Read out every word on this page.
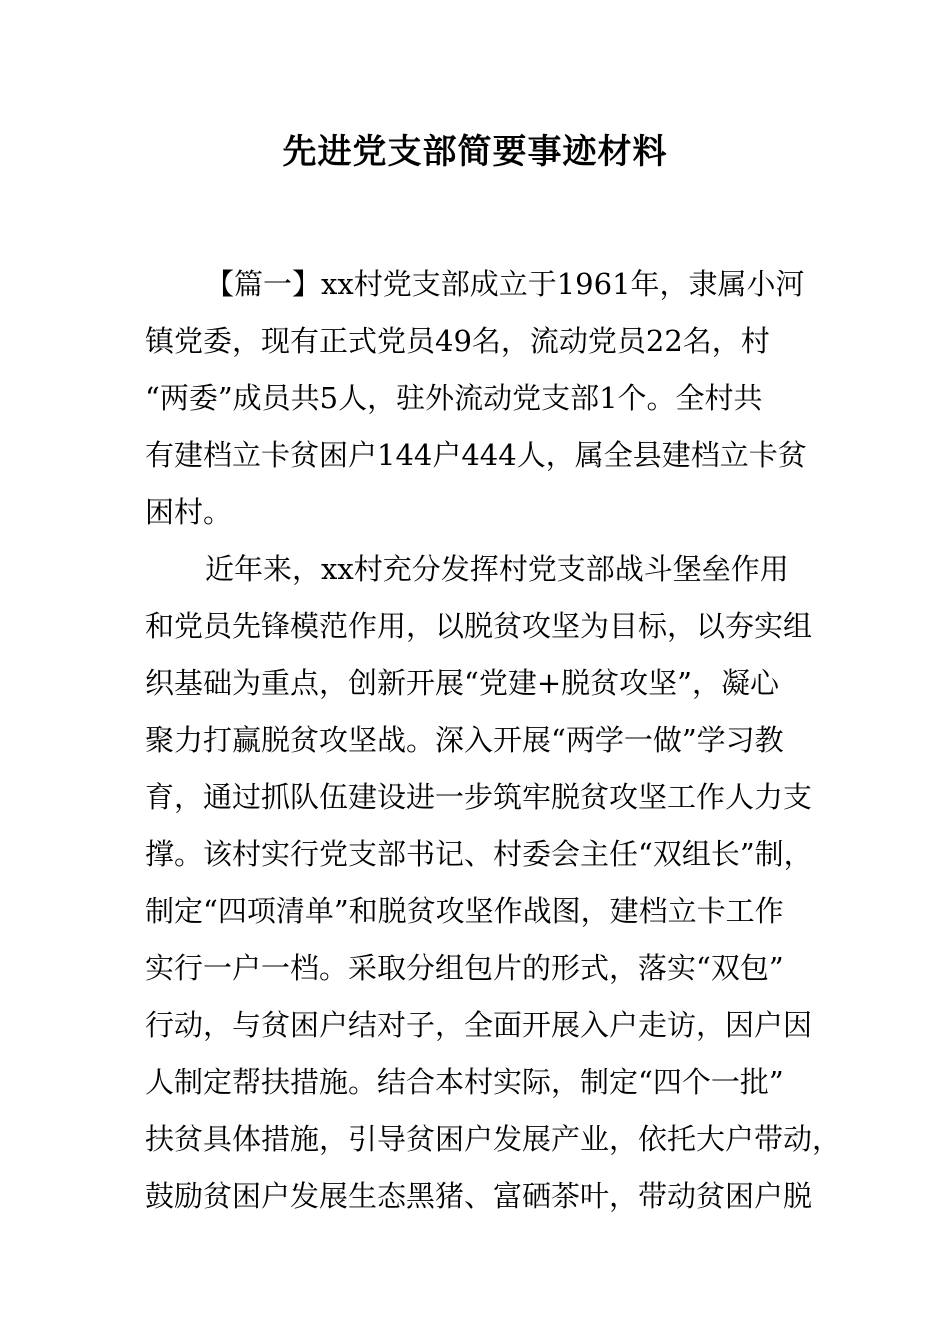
先进党支部简要事迹材料
【篇一】xx村党支部成立于1961年，隶属小河
镇党委，现有正式党员49名，流动党员22名，村
“两委”成员共5人，驻外流动党支部1个。全村共
有建档立卡贫困户144户444人，属全县建档立卡贫
困村。
近年来，xx村充分发挥村党支部战斗堡垒作用
和党员先锋模范作用，以脱贫攻坚为目标，以夯实组
织基础为重点，创新开展“党建+脱贫攻坚”，凝心
聚力打赢脱贫攻坚战。深入开展“两学一做”学习教
育，通过抓队伍建设进一步筑牢脱贫攻坚工作人力支
撑。该村实行党支部书记、村委会主任“双组长”制，
制定“四项清单”和脱贫攻坚作战图，建档立卡工作
实行一户一档。采取分组包片的形式，落实“双包”
行动，与贫困户结对子，全面开展入户走访，因户因
人制定帮扶措施。结合本村实际，制定“四个一批”
扶贫具体措施，引导贫困户发展产业，依托大户带动，
鼓励贫困户发展生态黑猪、富硒茶叶，带动贫困户脱
